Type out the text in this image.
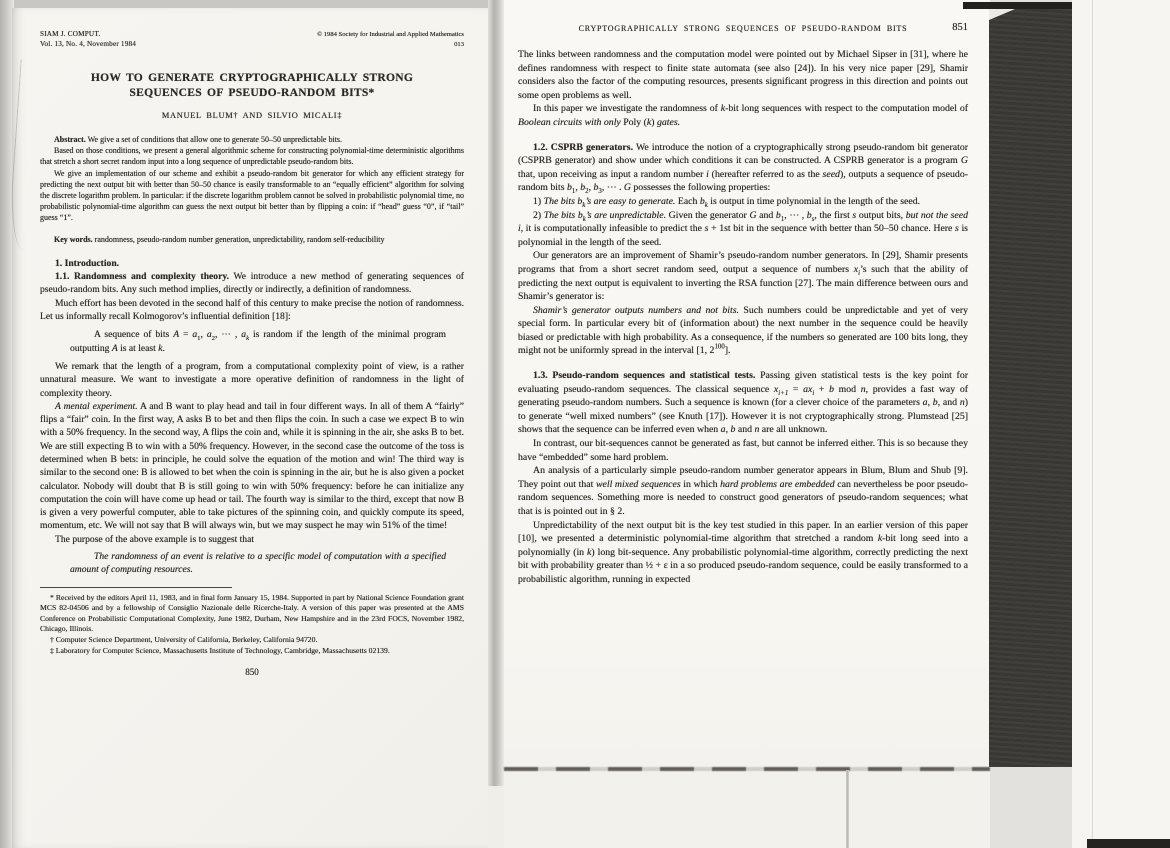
SIAM J. COMPUT.
Vol. 13, No. 4, November 1984
© 1984 Society for Industrial and Applied Mathematics
013
HOW TO GENERATE CRYPTOGRAPHICALLY STRONG
SEQUENCES OF PSEUDO-RANDOM BITS*
MANUEL BLUM† AND SILVIO MICALI‡

Abstract. We give a set of conditions that allow one to generate 50–50 unpredictable bits.

Based on those conditions, we present a general algorithmic scheme for constructing polynomial-time deterministic algorithms that stretch a short secret random input into a long sequence of unpredictable pseudo-random bits.

We give an implementation of our scheme and exhibit a pseudo-random bit generator for which any efficient strategy for predicting the next output bit with better than 50–50 chance is easily transformable to an “equally efficient” algorithm for solving the discrete logarithm problem. In particular: if the discrete logarithm problem cannot be solved in probabilistic polynomial time, no probabilistic polynomial-time algorithm can guess the next output bit better than by flipping a coin: if “head” guess “0”, if “tail” guess “1”.

Key words. randomness, pseudo-random number generation, unpredictability, random self-reducibility

1. Introduction.

1.1. Randomness and complexity theory. We introduce a new method of generating sequences of pseudo-random bits. Any such method implies, directly or indirectly, a definition of randomness.

Much effort has been devoted in the second half of this century to make precise the notion of randomness. Let us informally recall Kolmogorov’s influential definition [18]:

A sequence of bits $A = a_1$, $a_2$, ⋯ , $a_k$ is random if the length of the minimal program outputting A is at least k.

We remark that the length of a program, from a computational complexity point of view, is a rather unnatural measure. We want to investigate a more operative definition of randomness in the light of complexity theory.

A mental experiment. A and B want to play head and tail in four different ways. In all of them A “fairly” flips a “fair” coin. In the first way, A asks B to bet and then flips the coin. In such a case we expect B to win with a 50% frequency. In the second way, A flips the coin and, while it is spinning in the air, she asks B to bet. We are still expecting B to win with a 50% frequency. However, in the second case the outcome of the toss is determined when B bets: in principle, he could solve the equation of the motion and win! The third way is similar to the second one: B is allowed to bet when the coin is spinning in the air, but he is also given a pocket calculator. Nobody will doubt that B is still going to win with 50% frequency: before he can initialize any computation the coin will have come up head or tail. The fourth way is similar to the third, except that now B is given a very powerful computer, able to take pictures of the spinning coin, and quickly compute its speed, momentum, etc. We will not say that B will always win, but we may suspect he may win 51% of the time!

The purpose of the above example is to suggest that

The randomness of an event is relative to a specific model of computation with a specified amount of computing resources.

* Received by the editors April 11, 1983, and in final form January 15, 1984. Supported in part by National Science Foundation grant MCS 82-04506 and by a fellowship of Consiglio Nazionale delle Ricerche-Italy. A version of this paper was presented at the AMS Conference on Probabilistic Computational Complexity, June 1982, Durham, New Hampshire and in the 23rd FOCS, November 1982, Chicago, Illinois.

† Computer Science Department, University of California, Berkeley, California 94720.

‡ Laboratory for Computer Science, Massachusetts Institute of Technology, Cambridge, Massachusetts 02139.

850
CRYPTOGRAPHICALLY STRONG SEQUENCES OF PSEUDO-RANDOM BITS	851

The links between randomness and the computation model were pointed out by Michael Sipser in [31], where he defines randomness with respect to finite state automata (see also [24]). In his very nice paper [29], Shamir considers also the factor of the computing resources, presents significant progress in this direction and points out some open problems as well.

In this paper we investigate the randomness of k-bit long sequences with respect to the computation model of Boolean circuits with only Poly (k) gates.

1.2. CSPRB generators. We introduce the notion of a cryptographically strong pseudo-random bit generator (CSPRB generator) and show under which conditions it can be constructed. A CSPRB generator is a program G that, upon receiving as input a random number i (hereafter referred to as the seed), outputs a sequence of pseudo-random bits $b_1$, $b_2$, $b_3$, ⋯ . G possesses the following properties:

1) The bits $b_k’s$ are easy to generate. Each $b_k$ is output in time polynomial in the length of the seed.

2) The bits $b_k’s$ are unpredictable. Given the generator G and $b_1$, ⋯ , $b_s$, the first s output bits, but not the seed i, it is computationally infeasible to predict the s + 1st bit in the sequence with better than 50–50 chance. Here s is polynomial in the length of the seed.

Our generators are an improvement of Shamir’s pseudo-random number generators. In [29], Shamir presents programs that from a short secret random seed, output a sequence of numbers $x_i’s$ such that the ability of predicting the next output is equivalent to inverting the RSA function [27]. The main difference between ours and Shamir’s generator is:

Shamir’s generator outputs numbers and not bits. Such numbers could be unpredictable and yet of very special form. In particular every bit of (information about) the next number in the sequence could be heavily biased or predictable with high probability. As a consequence, if the numbers so generated are 100 bits long, they might not be uniformly spread in the interval [1, $2^{100}$].

1.3. Pseudo-random sequences and statistical tests. Passing given statistical tests is the key point for evaluating pseudo-random sequences. The classical sequence $x_{i+1} = ax_i + b$ mod n, provides a fast way of generating pseudo-random numbers. Such a sequence is known (for a clever choice of the parameters a, b, and n) to generate “well mixed numbers” (see Knuth [17]). However it is not cryptographically strong. Plumstead [25] shows that the sequence can be inferred even when a, b and n are all unknown.

In contrast, our bit-sequences cannot be generated as fast, but cannot be inferred either. This is so because they have “embedded” some hard problem.

An analysis of a particularly simple pseudo-random number generator appears in Blum, Blum and Shub [9]. They point out that well mixed sequences in which hard problems are embedded can nevertheless be poor pseudo-random sequences. Something more is needed to construct good generators of pseudo-random sequences; what that is is pointed out in § 2.

Unpredictability of the next output bit is the key test studied in this paper. In an earlier version of this paper [10], we presented a deterministic polynomial-time algorithm that stretched a random k-bit long seed into a polynomially (in k) long bit-sequence. Any probabilistic polynomial-time algorithm, correctly predicting the next bit with probability greater than ½ + ε in a so produced pseudo-random sequence, could be easily transformed to a probabilistic algorithm, running in expected
